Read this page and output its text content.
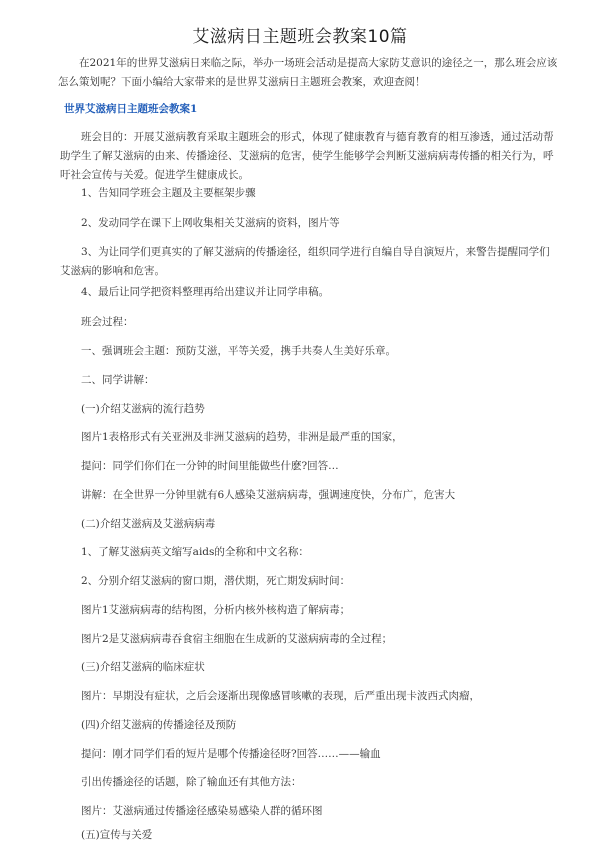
艾滋病日主题班会教案10篇
在2021年的世界艾滋病日来临之际，举办一场班会活动是提高大家防艾意识的途径之一，那么班会应该怎么策划呢？下面小编给大家带来的是世界艾滋病日主题班会教案，欢迎查阅！
世界艾滋病日主题班会教案1
班会目的：开展艾滋病教育采取主题班会的形式，体现了健康教育与德育教育的相互渗透，通过活动帮助学生了解艾滋病的由来、传播途径、艾滋病的危害，使学生能够学会判断艾滋病病毒传播的相关行为，呼吁社会宣传与关爱。促进学生健康成长。
1、告知同学班会主题及主要框架步骤
2、发动同学在课下上网收集相关艾滋病的资料，图片等
3、为让同学们更真实的了解艾滋病的传播途径，组织同学进行自编自导自演短片，来警告提醒同学们艾滋病的影响和危害。
4、最后让同学把资料整理再给出建议并让同学串稿。
班会过程：
一、强调班会主题：预防艾滋，平等关爱，携手共奏人生美好乐章。
二、同学讲解：
(一)介绍艾滋病的流行趋势
图片1表格形式有关亚洲及非洲艾滋病的趋势，非洲是最严重的国家，
提问：同学们你们在一分钟的时间里能做些什麽?回答…
讲解：在全世界一分钟里就有6人感染艾滋病病毒，强调速度快，分布广，危害大
(二)介绍艾滋病及艾滋病病毒
1、了解艾滋病英文缩写aids的全称和中文名称：
2、分别介绍艾滋病的窗口期，潜伏期，死亡期发病时间：
图片1艾滋病病毒的结构图，分析内核外核构造了解病毒；
图片2是艾滋病病毒吞食宿主细胞在生成新的艾滋病病毒的全过程；
(三)介绍艾滋病的临床症状
图片：早期没有症状，之后会逐渐出现像感冒咳嗽的表现，后严重出现卡波西式肉瘤，
(四)介绍艾滋病的传播途径及预防
提问：刚才同学们看的短片是哪个传播途径呀?回答……——输血
引出传播途径的话题，除了输血还有其他方法：
图片：艾滋病通过传播途径感染易感染人群的循环图
(五)宣传与关爱
